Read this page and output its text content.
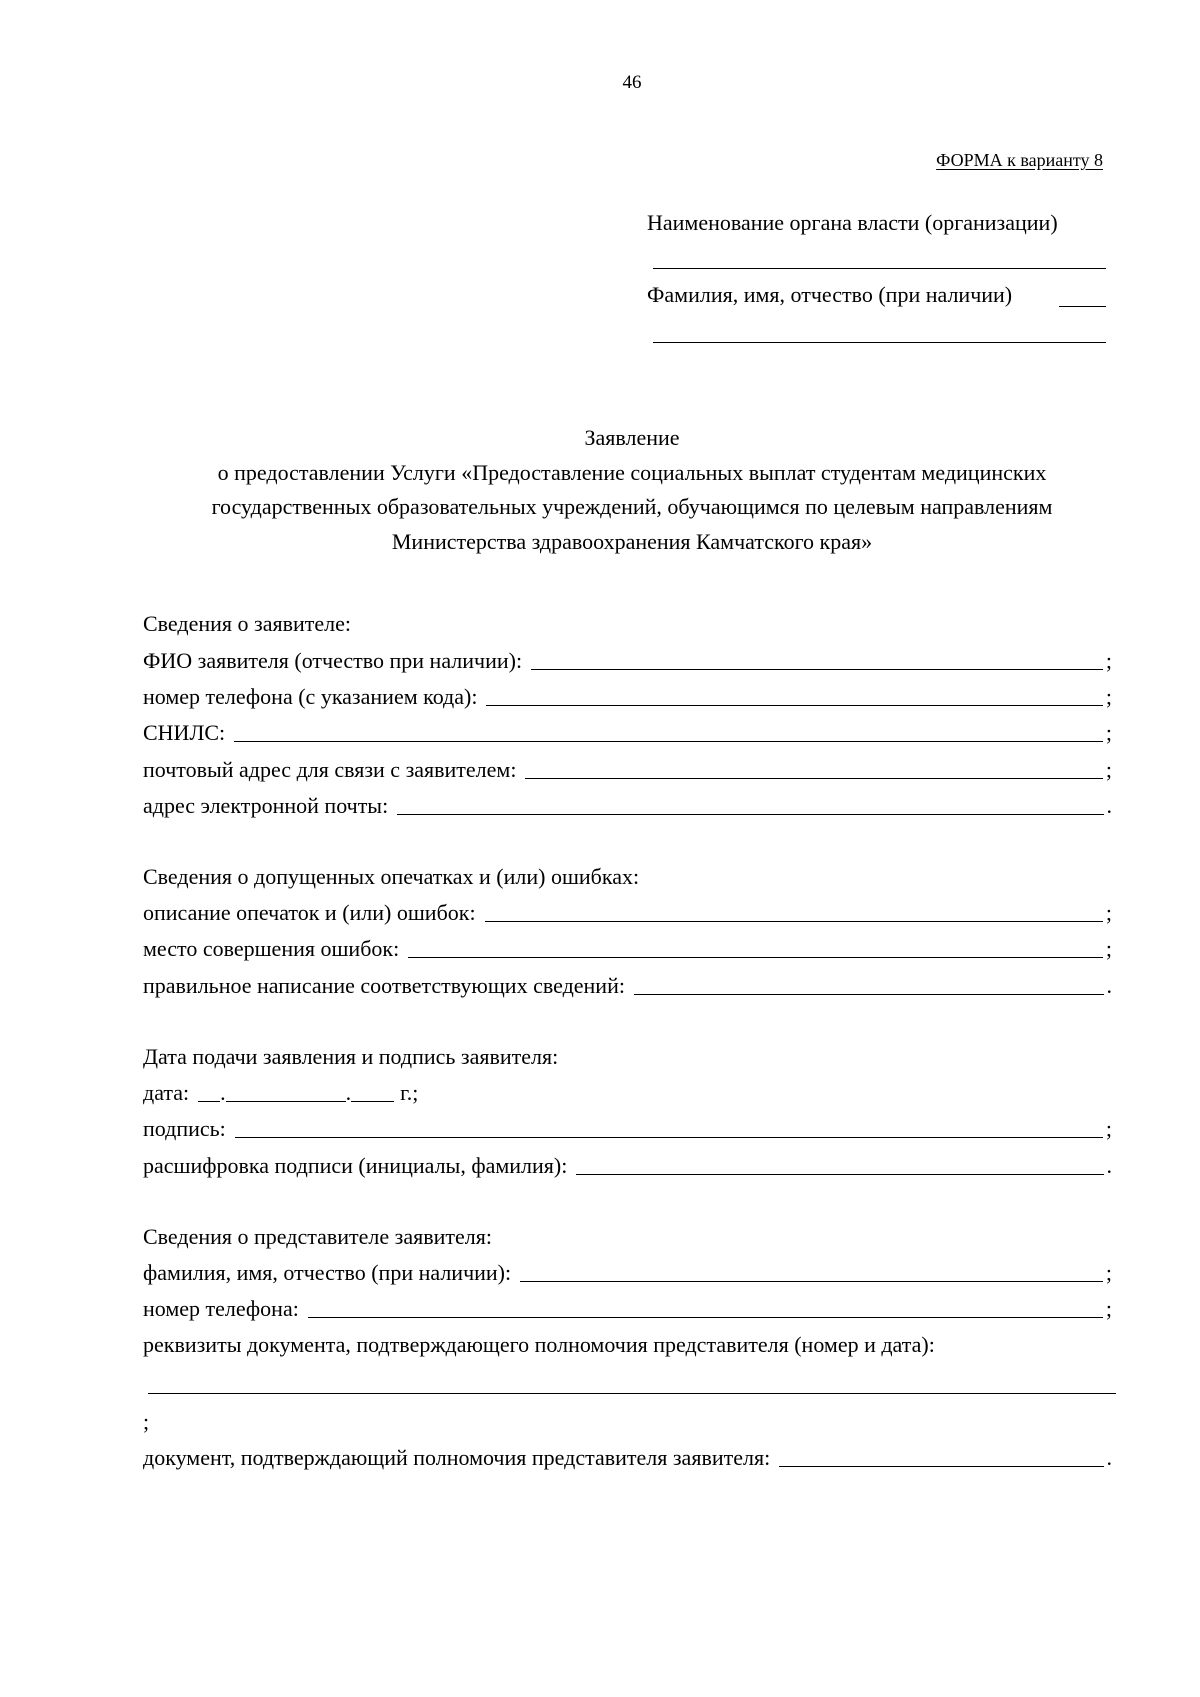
46
ФОРМА к варианту 8
Наименование органа власти (организации)
Фамилия, имя, отчество (при наличии)
Заявление
о предоставлении Услуги «Предоставление социальных выплат студентам медицинских
государственных образовательных учреждений, обучающимся по целевым направлениям
Министерства здравоохранения Камчатского края»
Сведения о заявителе:
ФИО заявителя (отчество при наличии):	;
номер телефона (с указанием кода):	;
СНИЛС:	;
почтовый адрес для связи с заявителем:	;
адрес электронной почты:	.
Сведения о допущенных опечатках и (или) ошибках:
описание опечаток и (или) ошибок:	;
место совершения ошибок:	;
правильное написание соответствующих сведений:	.
Дата подачи заявления и подпись заявителя:
дата: .	. г.;
подпись:	;
расшифровка подписи (инициалы, фамилия):	.
Сведения о представителе заявителя:
фамилия, имя, отчество (при наличии):	;
номер телефона:	;
реквизиты документа, подтверждающего полномочия представителя (номер и дата):
;
документ, подтверждающий полномочия представителя заявителя:	.
